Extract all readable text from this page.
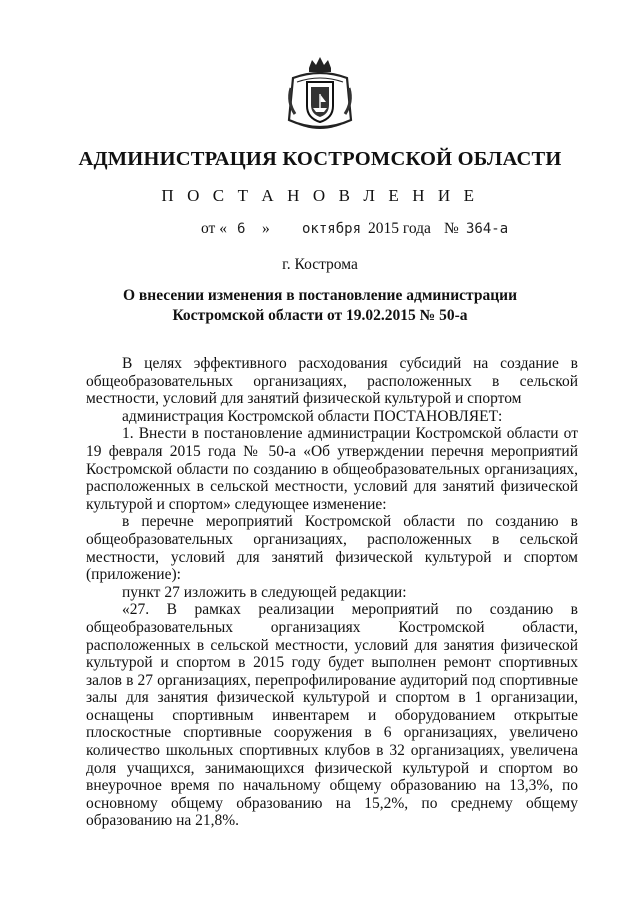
АДМИНИСТРАЦИЯ КОСТРОМСКОЙ ОБЛАСТИ
П О С Т А Н О В Л Е Н И Е
от « 6 » октября 2015 года № 364-а
г. Кострома
О внесении изменения в постановление администрации
Костромской области от 19.02.2015 № 50-а

В целях эффективного расходования субсидий на создание в общеобразовательных организациях, расположенных в сельской местности, условий для занятий физической культурой и спортом

администрация Костромской области ПОСТАНОВЛЯЕТ:

1. Внести в постановление администрации Костромской области от 19 февраля 2015 года № 50-а «Об утверждении перечня мероприятий Костромской области по созданию в общеобразовательных организациях, расположенных в сельской местности, условий для занятий физической культурой и спортом» следующее изменение:

в перечне мероприятий Костромской области по созданию в общеобразовательных организациях, расположенных в сельской местности, условий для занятий физической культурой и спортом (приложение):

пункт 27 изложить в следующей редакции:

«27. В рамках реализации мероприятий по созданию в общеобразовательных организациях Костромской области, расположенных в сельской местности, условий для занятия физической культурой и спортом в 2015 году будет выполнен ремонт спортивных залов в 27 организациях, перепрофилирование аудиторий под спортивные залы для занятия физической культурой и спортом в 1 организации, оснащены спортивным инвентарем и оборудованием открытые плоскостные спортивные сооружения в 6 организациях, увеличено количество школьных спортивных клубов в 32 организациях, увеличена доля учащихся, занимающихся физической культурой и спортом во внеурочное время по начальному общему образованию на 13,3%, по основному общему образованию на 15,2%, по среднему общему образованию на 21,8%.
